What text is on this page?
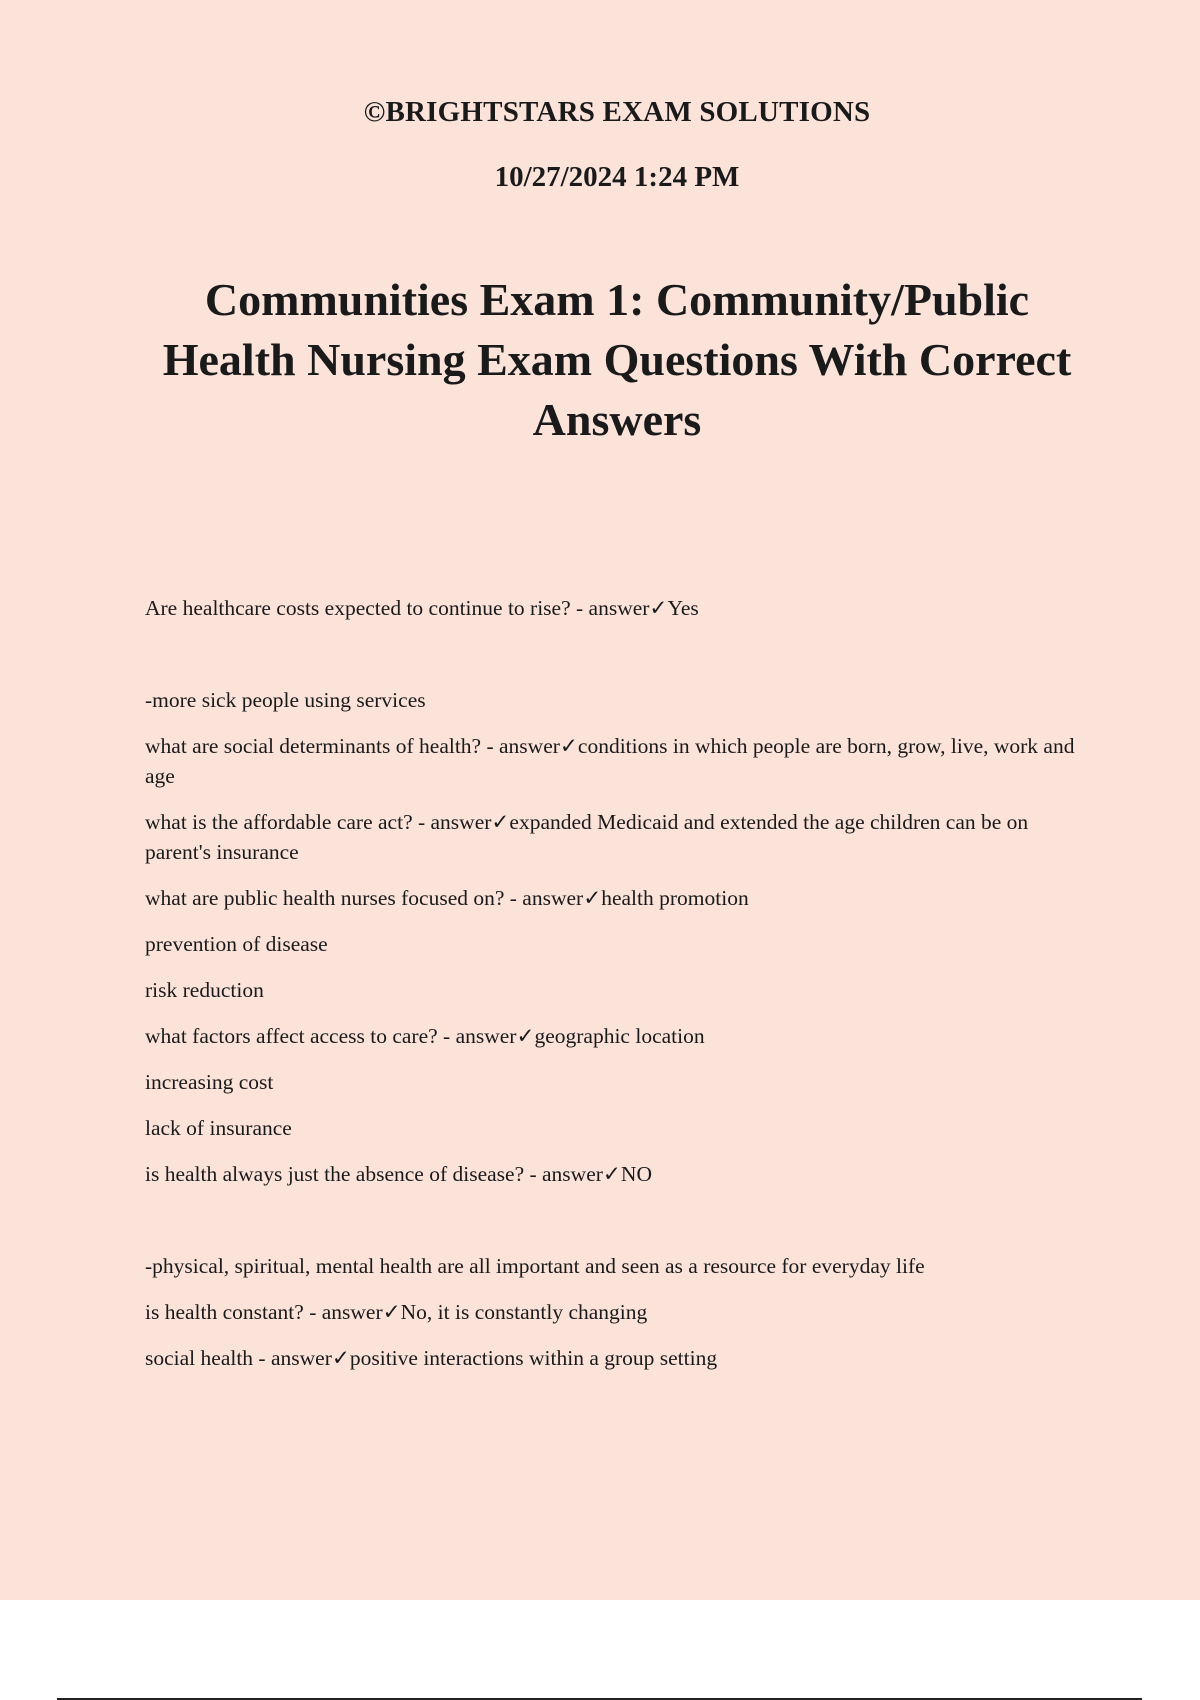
©BRIGHTSTARS EXAM SOLUTIONS
10/27/2024 1:24 PM
Communities Exam 1: Community/Public Health Nursing Exam Questions With Correct Answers

Are healthcare costs expected to continue to rise? - answer✓Yes

-more sick people using services

what are social determinants of health? - answer✓conditions in which people are born, grow, live, work and age

what is the affordable care act? - answer✓expanded Medicaid and extended the age children can be on parent's insurance

what are public health nurses focused on? - answer✓health promotion

prevention of disease

risk reduction

what factors affect access to care? - answer✓geographic location

increasing cost

lack of insurance

is health always just the absence of disease? - answer✓NO

-physical, spiritual, mental health are all important and seen as a resource for everyday life

is health constant? - answer✓No, it is constantly changing

social health - answer✓positive interactions within a group setting
